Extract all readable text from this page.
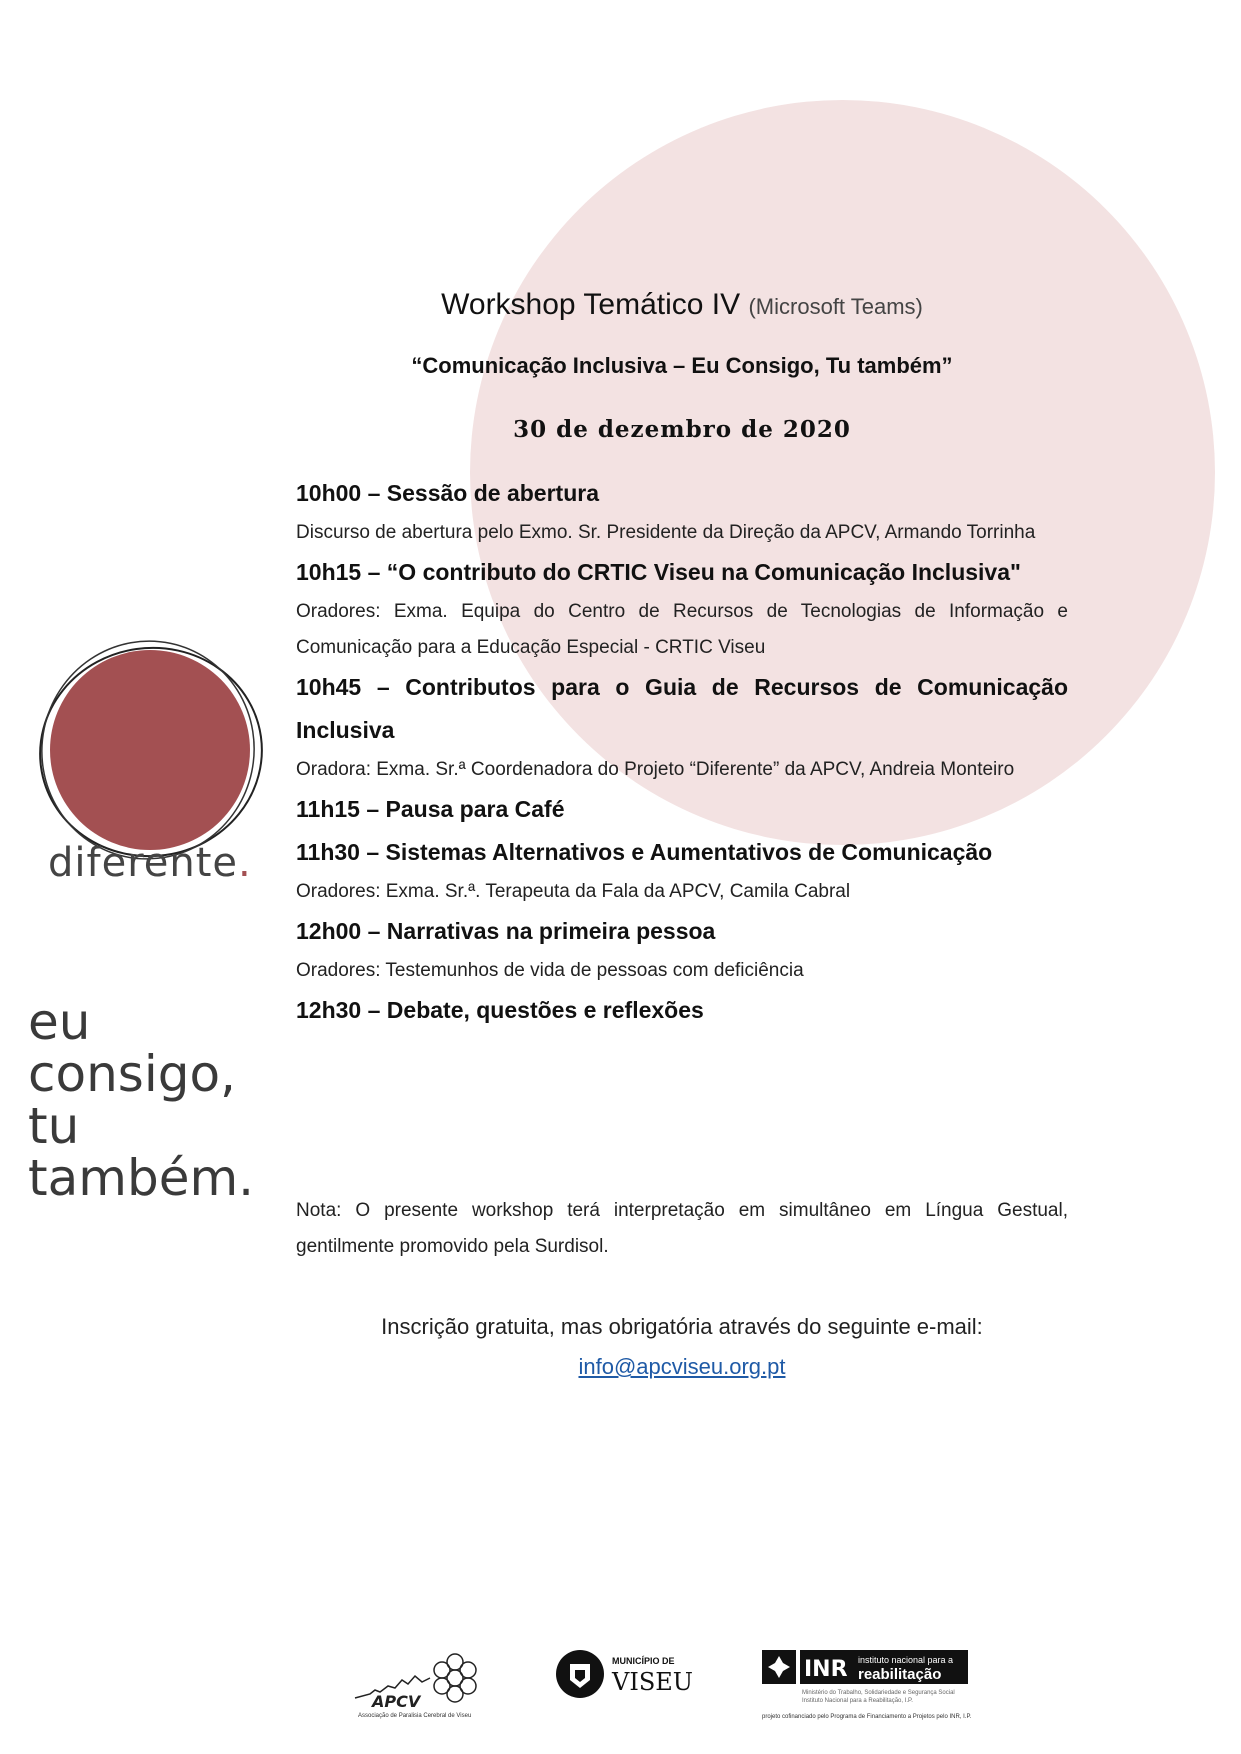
Workshop Temático IV (Microsoft Teams)
“Comunicação Inclusiva – Eu Consigo, Tu também”
30 de dezembro de 2020
10h00 – Sessão de abertura
Discurso de abertura pelo Exmo. Sr. Presidente da Direção da APCV, Armando Torrinha
10h15 – “O contributo do CRTIC Viseu na Comunicação Inclusiva"
Oradores: Exma. Equipa do Centro de Recursos de Tecnologias de Informação e Comunicação para a Educação Especial - CRTIC Viseu
10h45 – Contributos para o Guia de Recursos de Comunicação Inclusiva
Oradora: Exma. Sr.ª Coordenadora do Projeto “Diferente” da APCV, Andreia Monteiro
11h15 – Pausa para Café
11h30 – Sistemas Alternativos e Aumentativos de Comunicação
Oradores: Exma. Sr.ª. Terapeuta da Fala da APCV, Camila Cabral
12h00 – Narrativas na primeira pessoa
Oradores: Testemunhos de vida de pessoas com deficiência
12h30 – Debate, questões e reflexões
Nota: O presente workshop terá interpretação em simultâneo em Língua Gestual, gentilmente promovido pela Surdisol.
Inscrição gratuita, mas obrigatória através do seguinte e-mail:
info@apcviseu.org.pt
diferente.
eu
consigo,
tu
também.
APCV
Associação de Paralisia Cerebral de Viseu
MUNICÍPIO DE
VISEU	INR instituto nacional para a
reabilitação
Ministério do Trabalho, Solidariedade e Segurança Social
Instituto Nacional para a Reabilitação, I.P.
projeto cofinanciado pelo Programa de Financiamento a Projetos pelo INR, I.P.
